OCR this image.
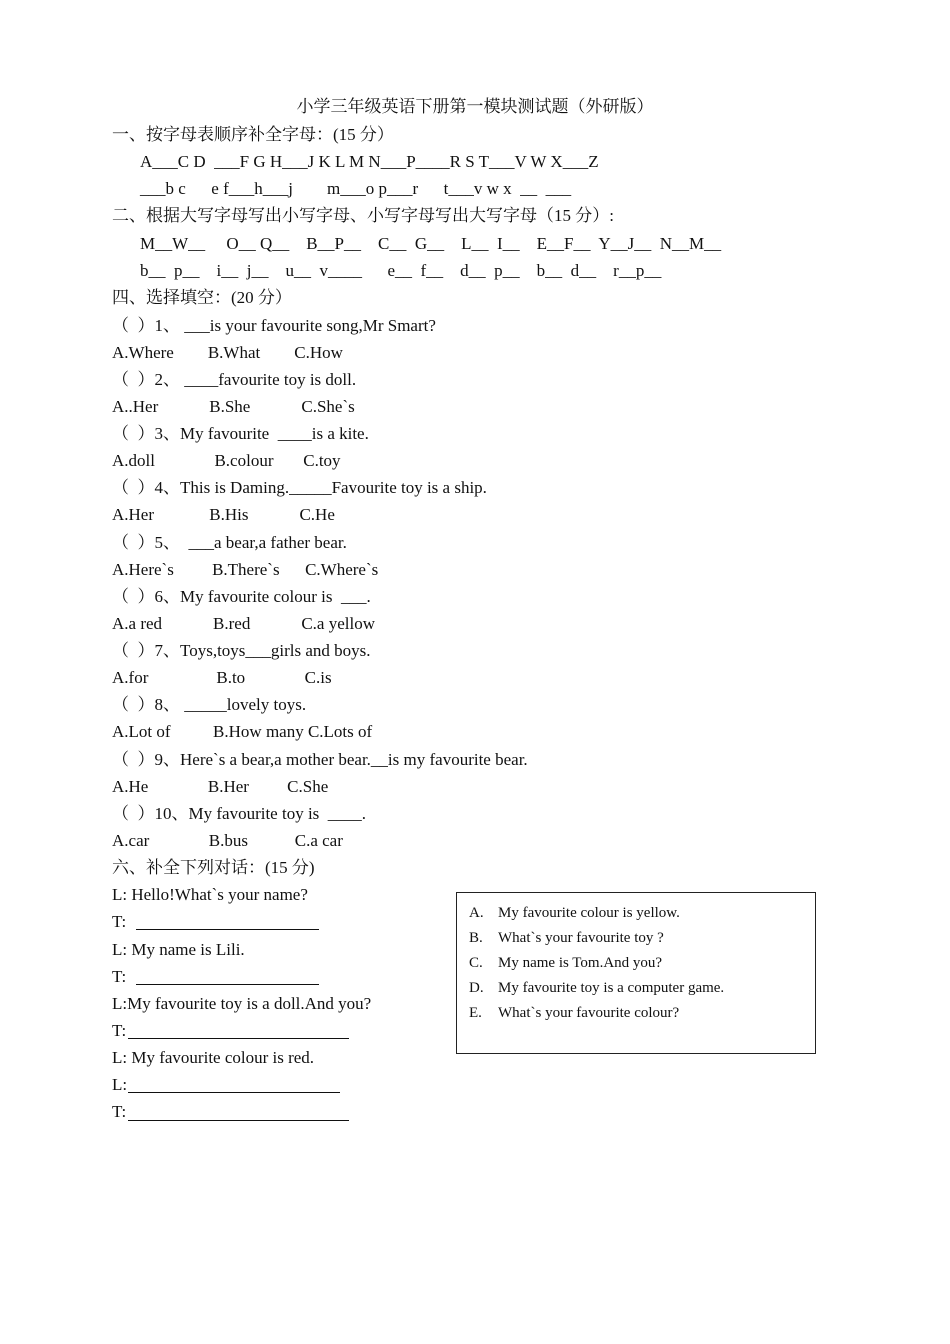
小学三年级英语下册第一模块测试题（外研版）
一、按字母表顺序补全字母：(15 分）
A___C D  ___F G H___J K L M N___P____R S T___V W X___Z
___b c      e f___h___j        m___o p___r      t___v w x  __  ___
二、根据大写字母写出小写字母、小写字母写出大写字母（15 分）:
M__W__     O__ Q__    B__P__    C__  G__    L__  I__    E__F__  Y__J__  N__M__
b__  p__    i__  j__    u__  v____      e__  f__    d__  p__    b__  d__    r__p__
四、选择填空：(20 分）
（  ）1、 ___is your favourite song,Mr Smart?
A.Where        B.What        C.How
（  ）2、 ____favourite toy is doll.
A..Her            B.She            C.She`s
（  ）3、My favourite  ____is a kite.
A.doll              B.colour       C.toy
（  ）4、This is Daming._____Favourite toy is a ship.
A.Her             B.His            C.He
（  ）5、  ___a bear,a father bear.
A.Here`s         B.There`s      C.Where`s
（  ）6、My favourite colour is  ___.
A.a red            B.red            C.a yellow
（  ）7、Toys,toys___girls and boys.
A.for                B.to              C.is
（  ）8、 _____lovely toys.
A.Lot of          B.How many C.Lots of
（  ）9、Here`s a bear,a mother bear.__is my favourite bear.
A.He              B.Her         C.She
（  ）10、My favourite toy is  ____.
A.car              B.bus           C.a car
六、补全下列对话：(15 分)
L: Hello!What`s your name?
T:
L: My name is Lili.
T:
L:My favourite toy is a doll.And you?
T:
L: My favourite colour is red.
L:
T:
A. My favourite colour is yellow.
B. What`s your favourite toy ?
C. My name is Tom.And you?
D. My favourite toy is a computer game.
E. What`s your favourite colour?
